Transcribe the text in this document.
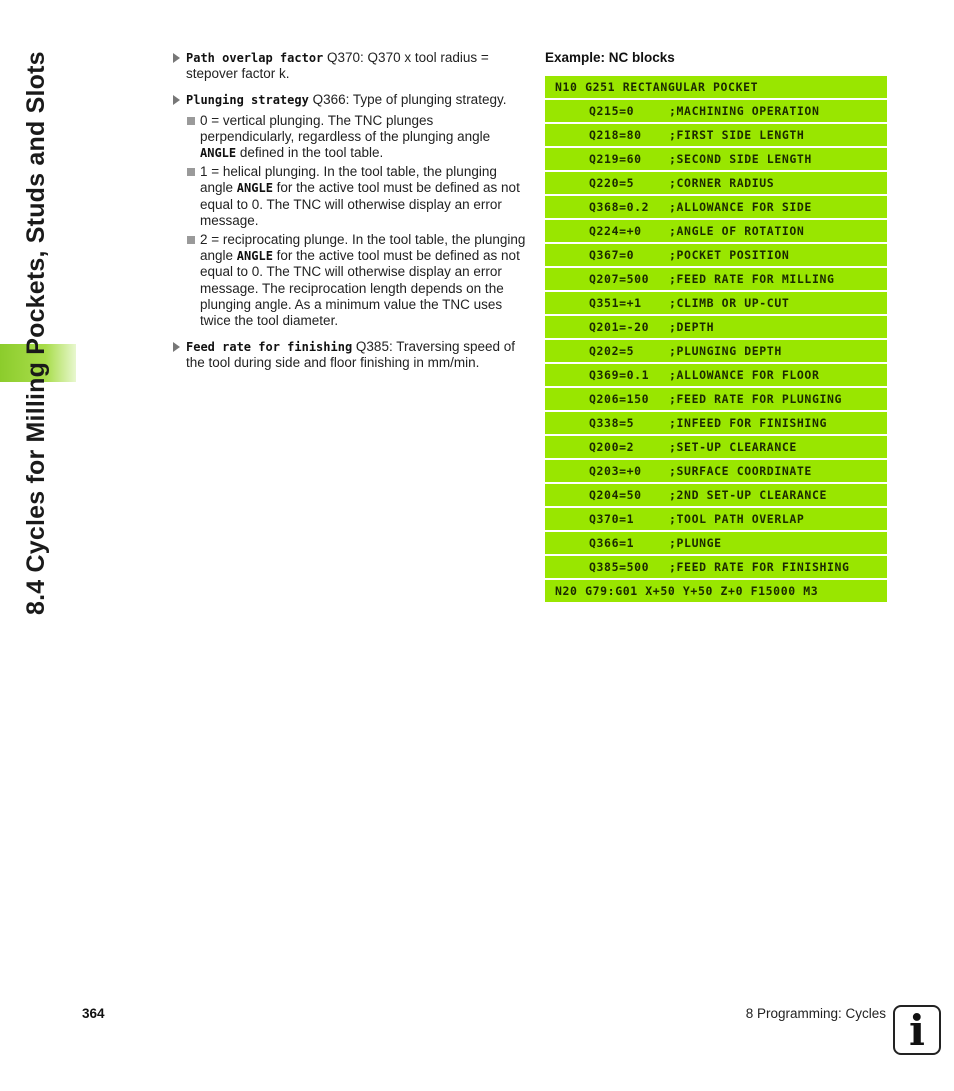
8.4 Cycles for Milling Pockets, Studs and Slots	Path overlap factor Q370: Q370 x tool radius = stepover factor k.
Plunging strategy Q366: Type of plunging strategy.
0 = vertical plunging. The TNC plunges perpendicularly, regardless of the plunging angle ANGLE defined in the tool table.
1 = helical plunging. In the tool table, the plunging angle ANGLE for the active tool must be defined as not equal to 0. The TNC will otherwise display an error message.
2 = reciprocating plunge. In the tool table, the plunging angle ANGLE for the active tool must be defined as not equal to 0. The TNC will otherwise display an error message. The reciprocation length depends on the plunging angle. As a minimum value the TNC uses twice the tool diameter.
Feed rate for finishing Q385: Traversing speed of the tool during side and floor finishing in mm/min.
Example: NC blocks
N10 G251 RECTANGULAR POCKET
Q215=0	;MACHINING OPERATION
Q218=80	;FIRST SIDE LENGTH
Q219=60	;SECOND SIDE LENGTH
Q220=5	;CORNER RADIUS
Q368=0.2	;ALLOWANCE FOR SIDE
Q224=+0	;ANGLE OF ROTATION
Q367=0	;POCKET POSITION
Q207=500	;FEED RATE FOR MILLING
Q351=+1	;CLIMB OR UP-CUT
Q201=-20	;DEPTH
Q202=5	;PLUNGING DEPTH
Q369=0.1	;ALLOWANCE FOR FLOOR
Q206=150	;FEED RATE FOR PLUNGING
Q338=5	;INFEED FOR FINISHING
Q200=2	;SET-UP CLEARANCE
Q203=+0	;SURFACE COORDINATE
Q204=50	;2ND SET-UP CLEARANCE
Q370=1	;TOOL PATH OVERLAP
Q366=1	;PLUNGE
Q385=500	;FEED RATE FOR FINISHING
N20 G79:G01 X+50 Y+50 Z+0 F15000 M3
364	8 Programming: Cycles i
